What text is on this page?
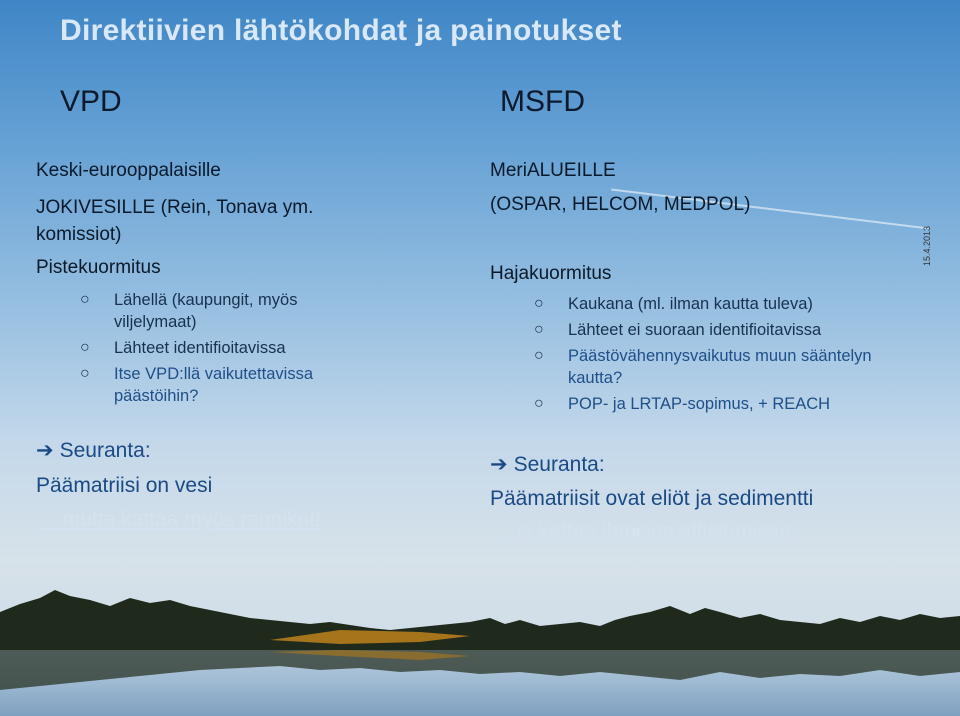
Direktiivien lähtökohdat ja painotukset
15.4.2013
VPD
Keski-eurooppalaisille
JOKIVESILLE (Rein, Tonava ym.
komissiot)
Pistekuormitus
○ Lähellä (kaupungit, myös viljelymaat)
○ Lähteet identifioitavissa
○ Itse VPD:llä vaikutettavissa päästöihin?
➔ Seuranta:
Päämatriisi on vesi
… mutta kattaa myös rannikot!
MSFD
MeriALUEILLE
(OSPAR, HELCOM, MEDPOL)
Hajakuormitus
○ Kaukana (ml. ilman kautta tuleva)
○ Lähteet ei suoraan identifioitavissa
○ Päästövähennysvaikutus muun sääntelyn kautta?
○ POP- ja LRTAP-sopimus, + REACH
➔ Seuranta:
Päämatriisit ovat eliöt ja sedimentti
… ja kattaa ihmisen altistumisen !
